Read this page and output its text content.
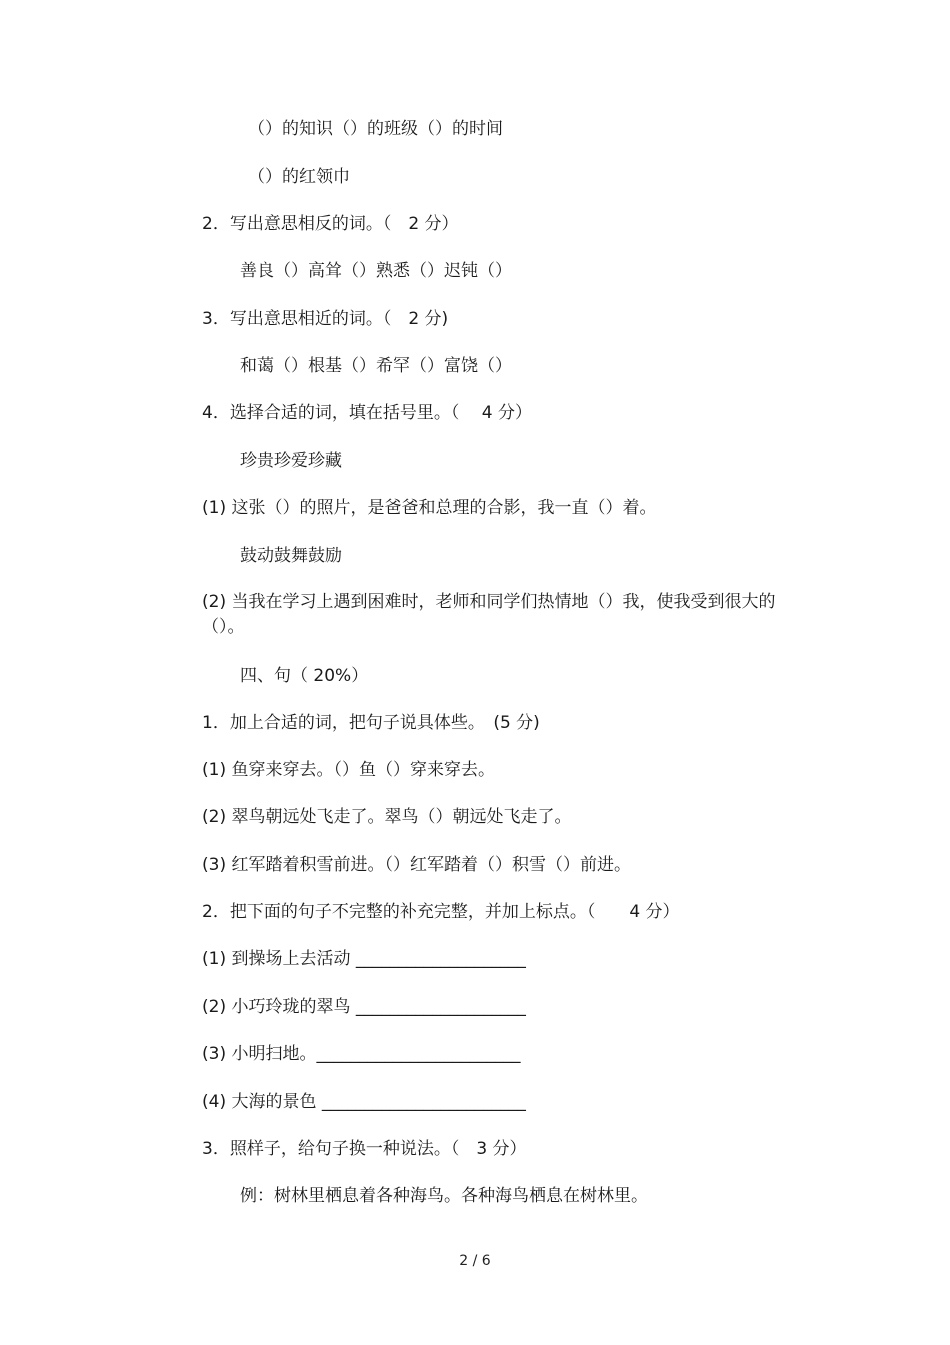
（）的知识（）的班级（）的时间
（）的红领巾
2．写出意思相反的词。（　2 分）
善良（）高耸（）熟悉（）迟钝（）
3．写出意思相近的词。（　2 分)
和蔼（）根基（）希罕（）富饶（）
4．选择合适的词，填在括号里。（　 4 分）
珍贵珍爱珍藏
(1) 这张（）的照片，是爸爸和总理的合影，我一直（）着。
鼓动鼓舞鼓励
(2) 当我在学习上遇到困难时，老师和同学们热情地（）我，使我受到很大的（）。
四、句（ 20%）
1．加上合适的词，把句子说具体些。　(5 分)
(1) 鱼穿来穿去。（）鱼（）穿来穿去。
(2) 翠鸟朝远处飞走了。翠鸟（）朝远处飞走了。
(3) 红军踏着积雪前进。（）红军踏着（）积雪（）前进。
2．把下面的句子不完整的补充完整，并加上标点。（　　4 分）
(1) 到操场上去活动 ____________________
(2) 小巧玲珑的翠鸟 ____________________
(3) 小明扫地。________________________
(4) 大海的景色 ________________________
3．照样子，给句子换一种说法。（　3 分）
例：树林里栖息着各种海鸟。各种海鸟栖息在树林里。
2 / 6
